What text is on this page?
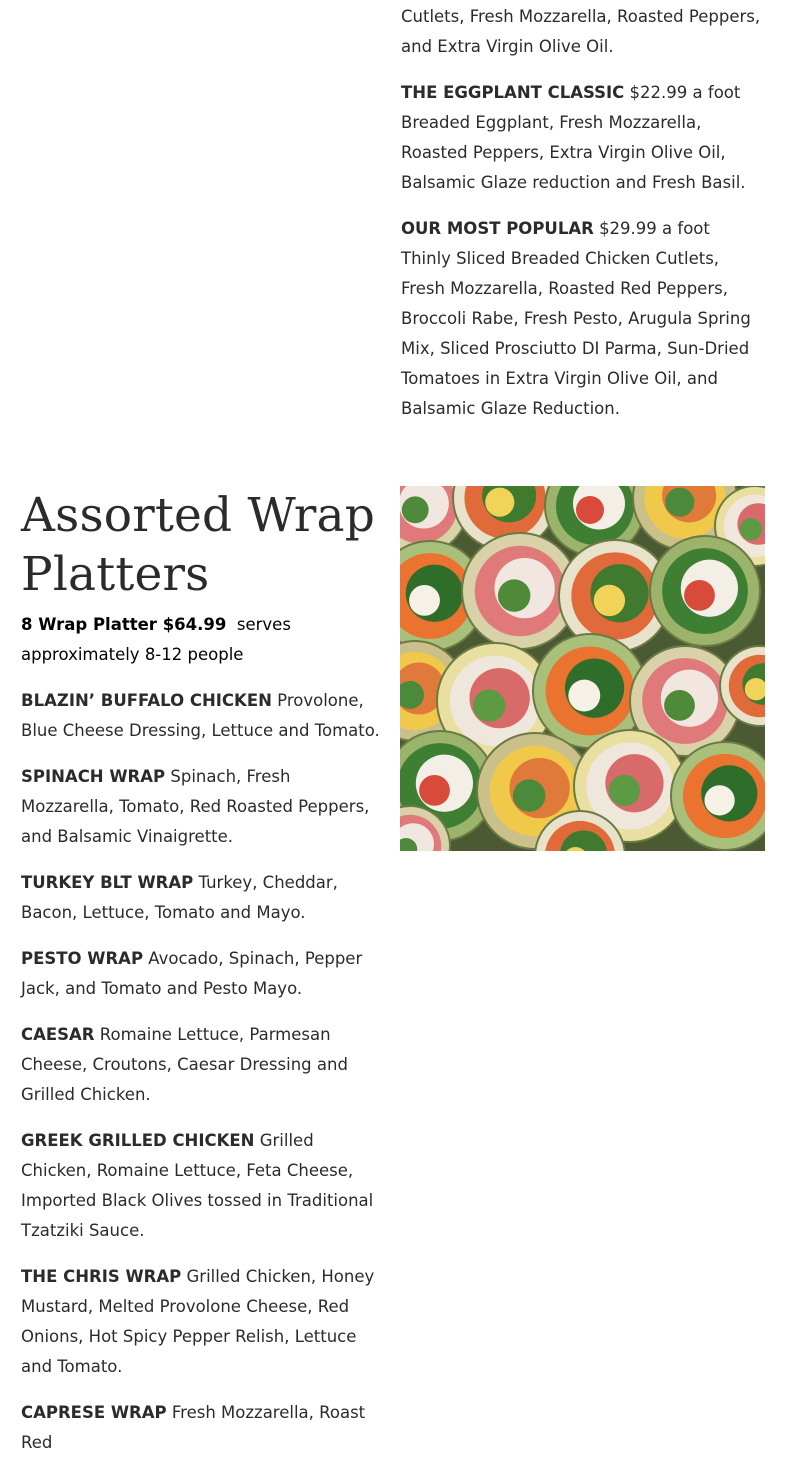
Cutlets, Fresh Mozzarella, Roasted Peppers, and Extra Virgin Olive Oil.

THE EGGPLANT CLASSIC $22.99 a foot
Breaded Eggplant, Fresh Mozzarella, Roasted Peppers, Extra Virgin Olive Oil, Balsamic Glaze reduction and Fresh Basil.

OUR MOST POPULAR $29.99 a foot
Thinly Sliced Breaded Chicken Cutlets, Fresh Mozzarella, Roasted Red Peppers, Broccoli Rabe, Fresh Pesto, Arugula Spring Mix, Sliced Prosciutto DI Parma, Sun-Dried Tomatoes in Extra Virgin Olive Oil, and Balsamic Glaze Reduction.

Assorted Wrap Platters

8 Wrap Platter $64.99 serves approximately 8-12 people

BLAZIN’ BUFFALO CHICKEN Provolone, Blue Cheese Dressing, Lettuce and Tomato.

SPINACH WRAP Spinach, Fresh Mozzarella, Tomato, Red Roasted Peppers, and Balsamic Vinaigrette.

TURKEY BLT WRAP Turkey, Cheddar, Bacon, Lettuce, Tomato and Mayo.

PESTO WRAP Avocado, Spinach, Pepper Jack, and Tomato and Pesto Mayo.

CAESAR Romaine Lettuce, Parmesan Cheese, Croutons, Caesar Dressing and Grilled Chicken.

GREEK GRILLED CHICKEN Grilled Chicken, Romaine Lettuce, Feta Cheese, Imported Black Olives tossed in Traditional Tzatziki Sauce.

THE CHRIS WRAP Grilled Chicken, Honey Mustard, Melted Provolone Cheese, Red Onions, Hot Spicy Pepper Relish, Lettuce and Tomato.

CAPRESE WRAP Fresh Mozzarella, Roast Red
